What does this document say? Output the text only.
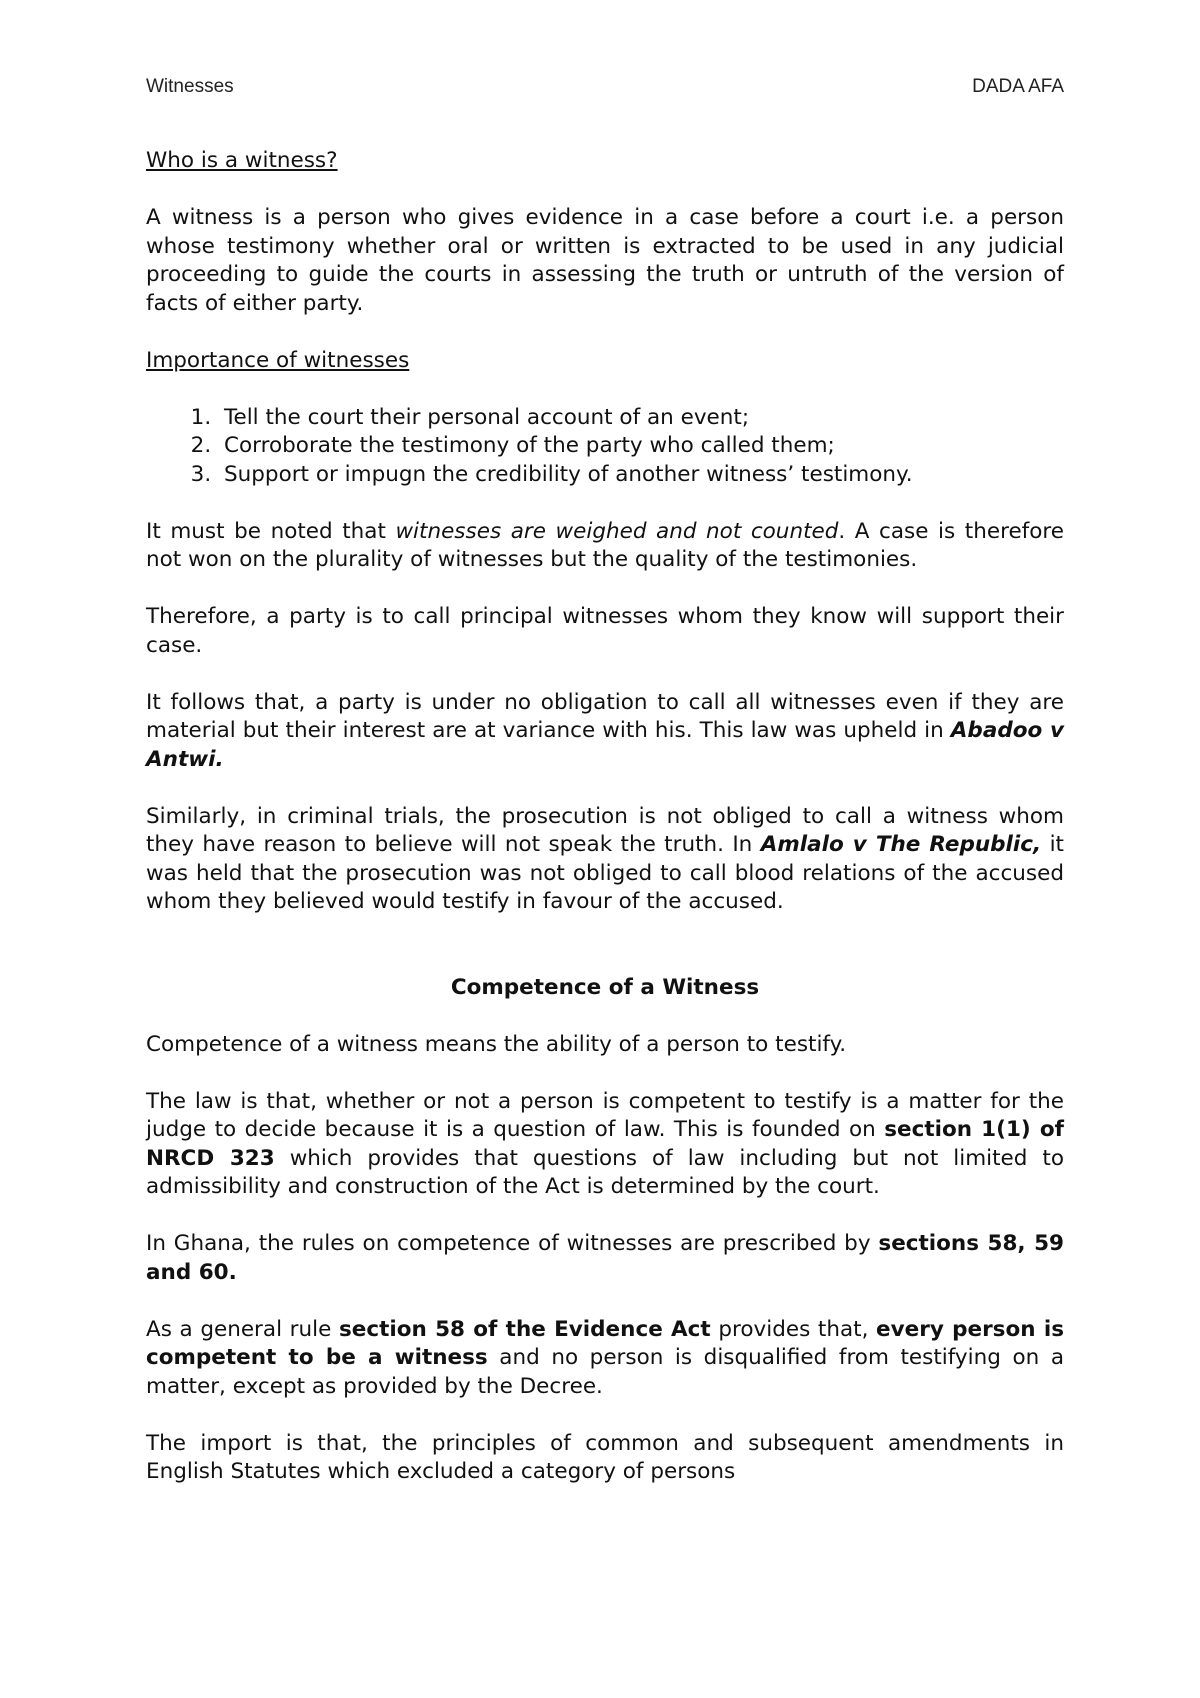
Witnesses	DADA AFA

Who is a witness?

A witness is a person who gives evidence in a case before a court i.e. a person whose testimony whether oral or written is extracted to be used in any judicial proceeding to guide the courts in assessing the truth or untruth of the version of facts of either party.

Importance of witnesses

1. Tell the court their personal account of an event;
2. Corroborate the testimony of the party who called them;
3. Support or impugn the credibility of another witness’ testimony.

It must be noted that witnesses are weighed and not counted. A case is therefore not won on the plurality of witnesses but the quality of the testimonies.

Therefore, a party is to call principal witnesses whom they know will support their case.

It follows that, a party is under no obligation to call all witnesses even if they are material but their interest are at variance with his. This law was upheld in Abadoo v Antwi.

Similarly, in criminal trials, the prosecution is not obliged to call a witness whom they have reason to believe will not speak the truth. In Amlalo v The Republic, it was held that the prosecution was not obliged to call blood relations of the accused whom they believed would testify in favour of the accused.

Competence of a Witness

Competence of a witness means the ability of a person to testify.

The law is that, whether or not a person is competent to testify is a matter for the judge to decide because it is a question of law. This is founded on section 1(1) of NRCD 323 which provides that questions of law including but not limited to admissibility and construction of the Act is determined by the court.

In Ghana, the rules on competence of witnesses are prescribed by sections 58, 59 and 60.

As a general rule section 58 of the Evidence Act provides that, every person is competent to be a witness and no person is disqualified from testifying on a matter, except as provided by the Decree.

The import is that, the principles of common and subsequent amendments in English Statutes which excluded a category of persons
